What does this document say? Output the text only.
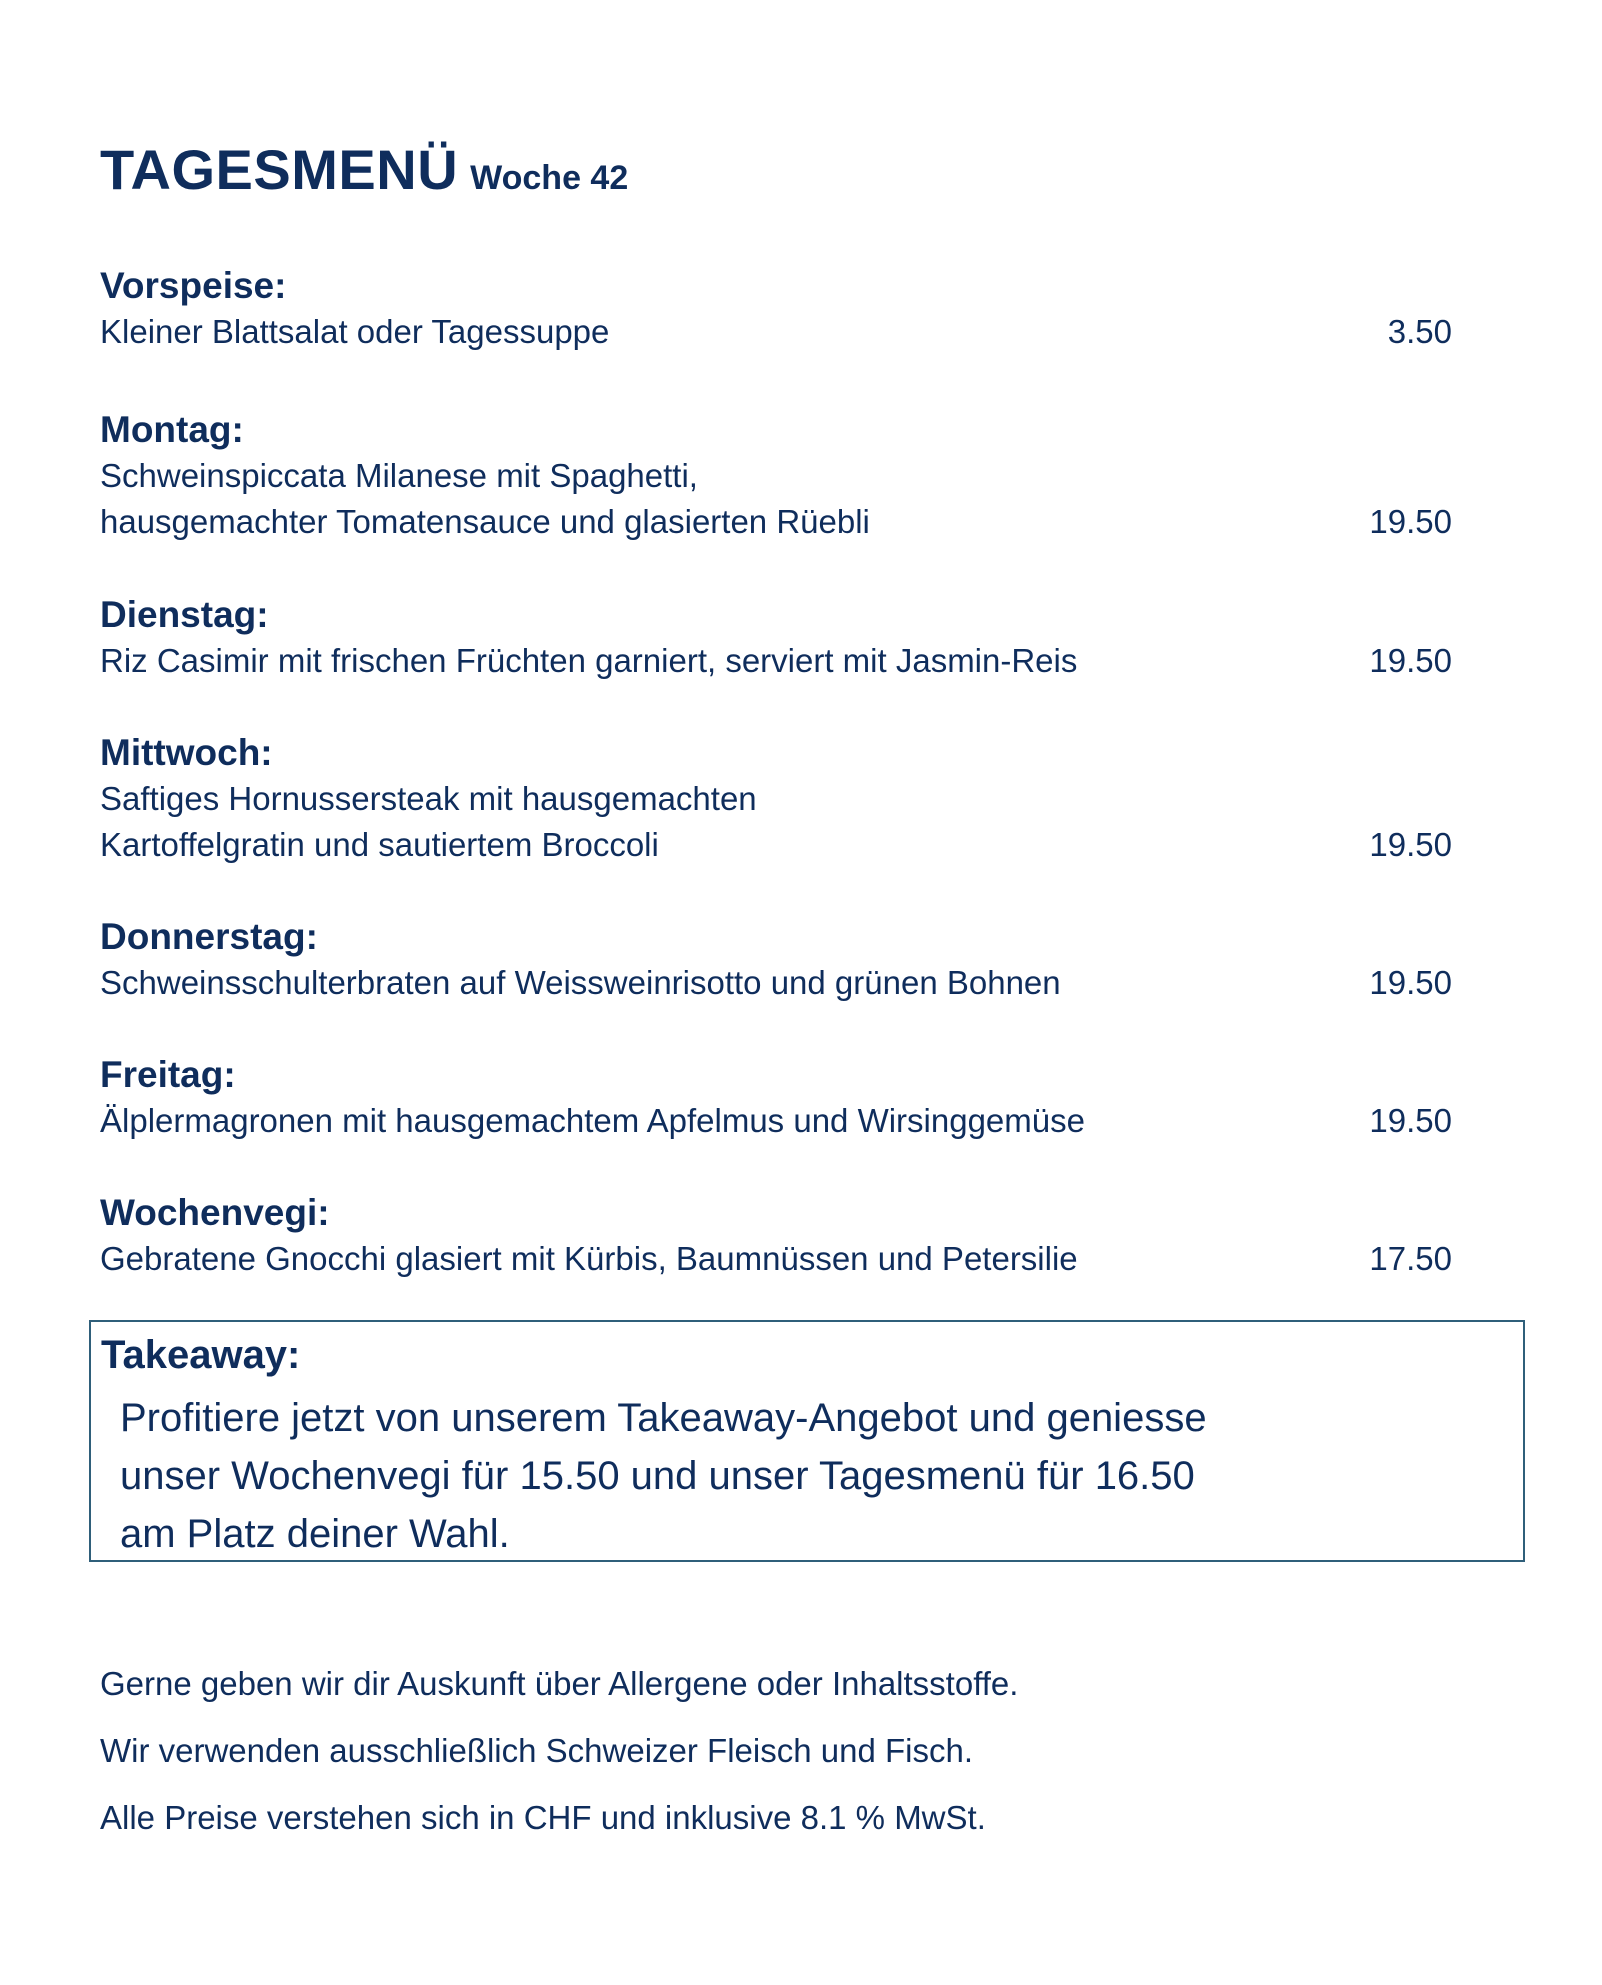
TAGESMENÜ Woche 42
Vorspeise:
Kleiner Blattsalat oder Tagessuppe	3.50
Montag:
Schweinspiccata Milanese mit Spaghetti,
hausgemachter Tomatensauce und glasierten Rüebli	19.50
Dienstag:
Riz Casimir mit frischen Früchten garniert, serviert mit Jasmin-Reis	19.50
Mittwoch:
Saftiges Hornussersteak mit hausgemachten
Kartoffelgratin und sautiertem Broccoli	19.50
Donnerstag:
Schweinsschulterbraten auf Weissweinrisotto und grünen Bohnen	19.50
Freitag:
Älplermagronen mit hausgemachtem Apfelmus und Wirsinggemüse	19.50
Wochenvegi:
Gebratene Gnocchi glasiert mit Kürbis, Baumnüssen und Petersilie	17.50
Takeaway:
Profitiere jetzt von unserem Takeaway-Angebot und geniesse
unser Wochenvegi für 15.50 und unser Tagesmenü für 16.50
am Platz deiner Wahl.
Gerne geben wir dir Auskunft über Allergene oder Inhaltsstoffe.
Wir verwenden ausschließlich Schweizer Fleisch und Fisch.
Alle Preise verstehen sich in CHF und inklusive 8.1 % MwSt.
